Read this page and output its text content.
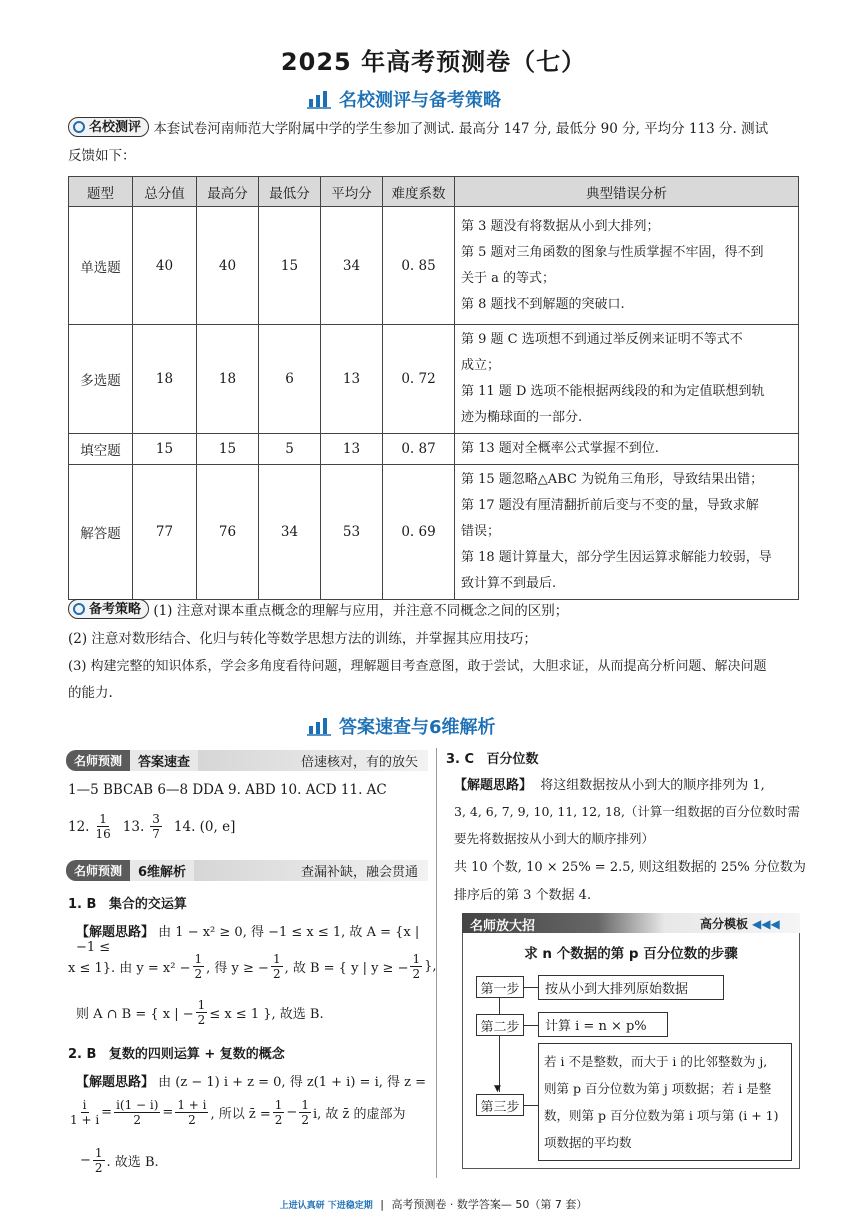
2025 年高考预测卷（七）
名校测评与备考策略
名校测评 本套试卷河南师范大学附属中学的学生参加了测试. 最高分 147 分, 最低分 90 分, 平均分 113 分. 测试
反馈如下：
题型	总分值	最高分	最低分	平均分	难度系数	典型错误分析
单选题	40	40	15	34	0. 85	第 3 题没有将数据从小到大排列；
第 5 题对三角函数的图象与性质掌握不牢固，得不到
关于 a 的等式；
第 8 题找不到解题的突破口.

多选题	18	18	6	13	0. 72	第 9 题 C 选项想不到通过举反例来证明不等式不
成立；
第 11 题 D 选项不能根据两线段的和为定值联想到轨
迹为椭球面的一部分.

填空题	15	15	5	13	0. 87	第 13 题对全概率公式掌握不到位.

解答题	77	76	34	53	0. 69	第 15 题忽略△ABC 为锐角三角形，导致结果出错；
第 17 题没有厘清翻折前后变与不变的量，导致求解
错误；
第 18 题计算量大，部分学生因运算求解能力较弱，导
致计算不到最后.
备考策略 (1) 注意对课本重点概念的理解与应用，并注意不同概念之间的区别；
(2) 注意对数形结合、化归与转化等数学思想方法的训练，并掌握其应用技巧；
(3) 构建完整的知识体系，学会多角度看待问题，理解题目考查意图，敢于尝试，大胆求证，从而提高分析问题、解决问题
的能力.
答案速查与6维解析
名师预测	答案速查	倍速核对，有的放矢
1—5 BBCAB 6—8 DDA 9. ABD 10. ACD 11. AC
12. $\frac{1}{16} 13$. $\frac{3}{7} 14$. (0, e]
名师预测	6维解析	查漏补缺，融会贯通
1. B 集合的交运算
【解题思路】 由 1 − x² ≥ 0, 得 −1 ≤ x ≤ 1, 故 A = {x | −1 ≤
x ≤ 1}. 由 $y = x^2 - \frac{1}{2}$ , 得 y ≥ − $\frac{1}{2}$ , 故 B = { y | y ≥ − $\frac{1}{2}$ },
则 A ∩ B = { x | − $\frac{1}{2} \le x \le 1$ }, 故选 B.
2. B 复数的四则运算 + 复数的概念
【解题思路】 由 (z − 1) i + z = 0, 得 z(1 + i) = i, 得 z =
$\frac{i}{1 + i} = \frac{i(1 - i)}{2} = \frac{1 + i}{2}$ , 所以 z̄ = $\frac{1}{2} - \frac{1}{2} i$, 故 z̄ 的虚部为
− $\frac{1}{2}$ . 故选 B.
3. C 百分位数
【解题思路】 将这组数据按从小到大的顺序排列为 1,
3, 4, 6, 7, 9, 10, 11, 12, 18,（计算一组数据的百分位数时需
要先将数据按从小到大的顺序排列）
共 10 个数, 10 × 25% = 2.5, 则这组数据的 25% 分位数为
排序后的第 3 个数据 4.
名师放大招	高分模板 ◀◀◀
求 n 个数据的第 p 百分位数的步骤
第一步	按从小到大排列原始数据
第二步	计算 i = n × p%
▼
第三步
若 i 不是整数，而大于 i 的比邻整数为 j,
则第 p 百分位数为第 j 项数据；若 i 是整
数，则第 p 百分位数为第 i 项与第 (i + 1)
项数据的平均数
上进认真研 下进稳定期 | 高考预测卷 · 数学答案— 50（第 7 套）
